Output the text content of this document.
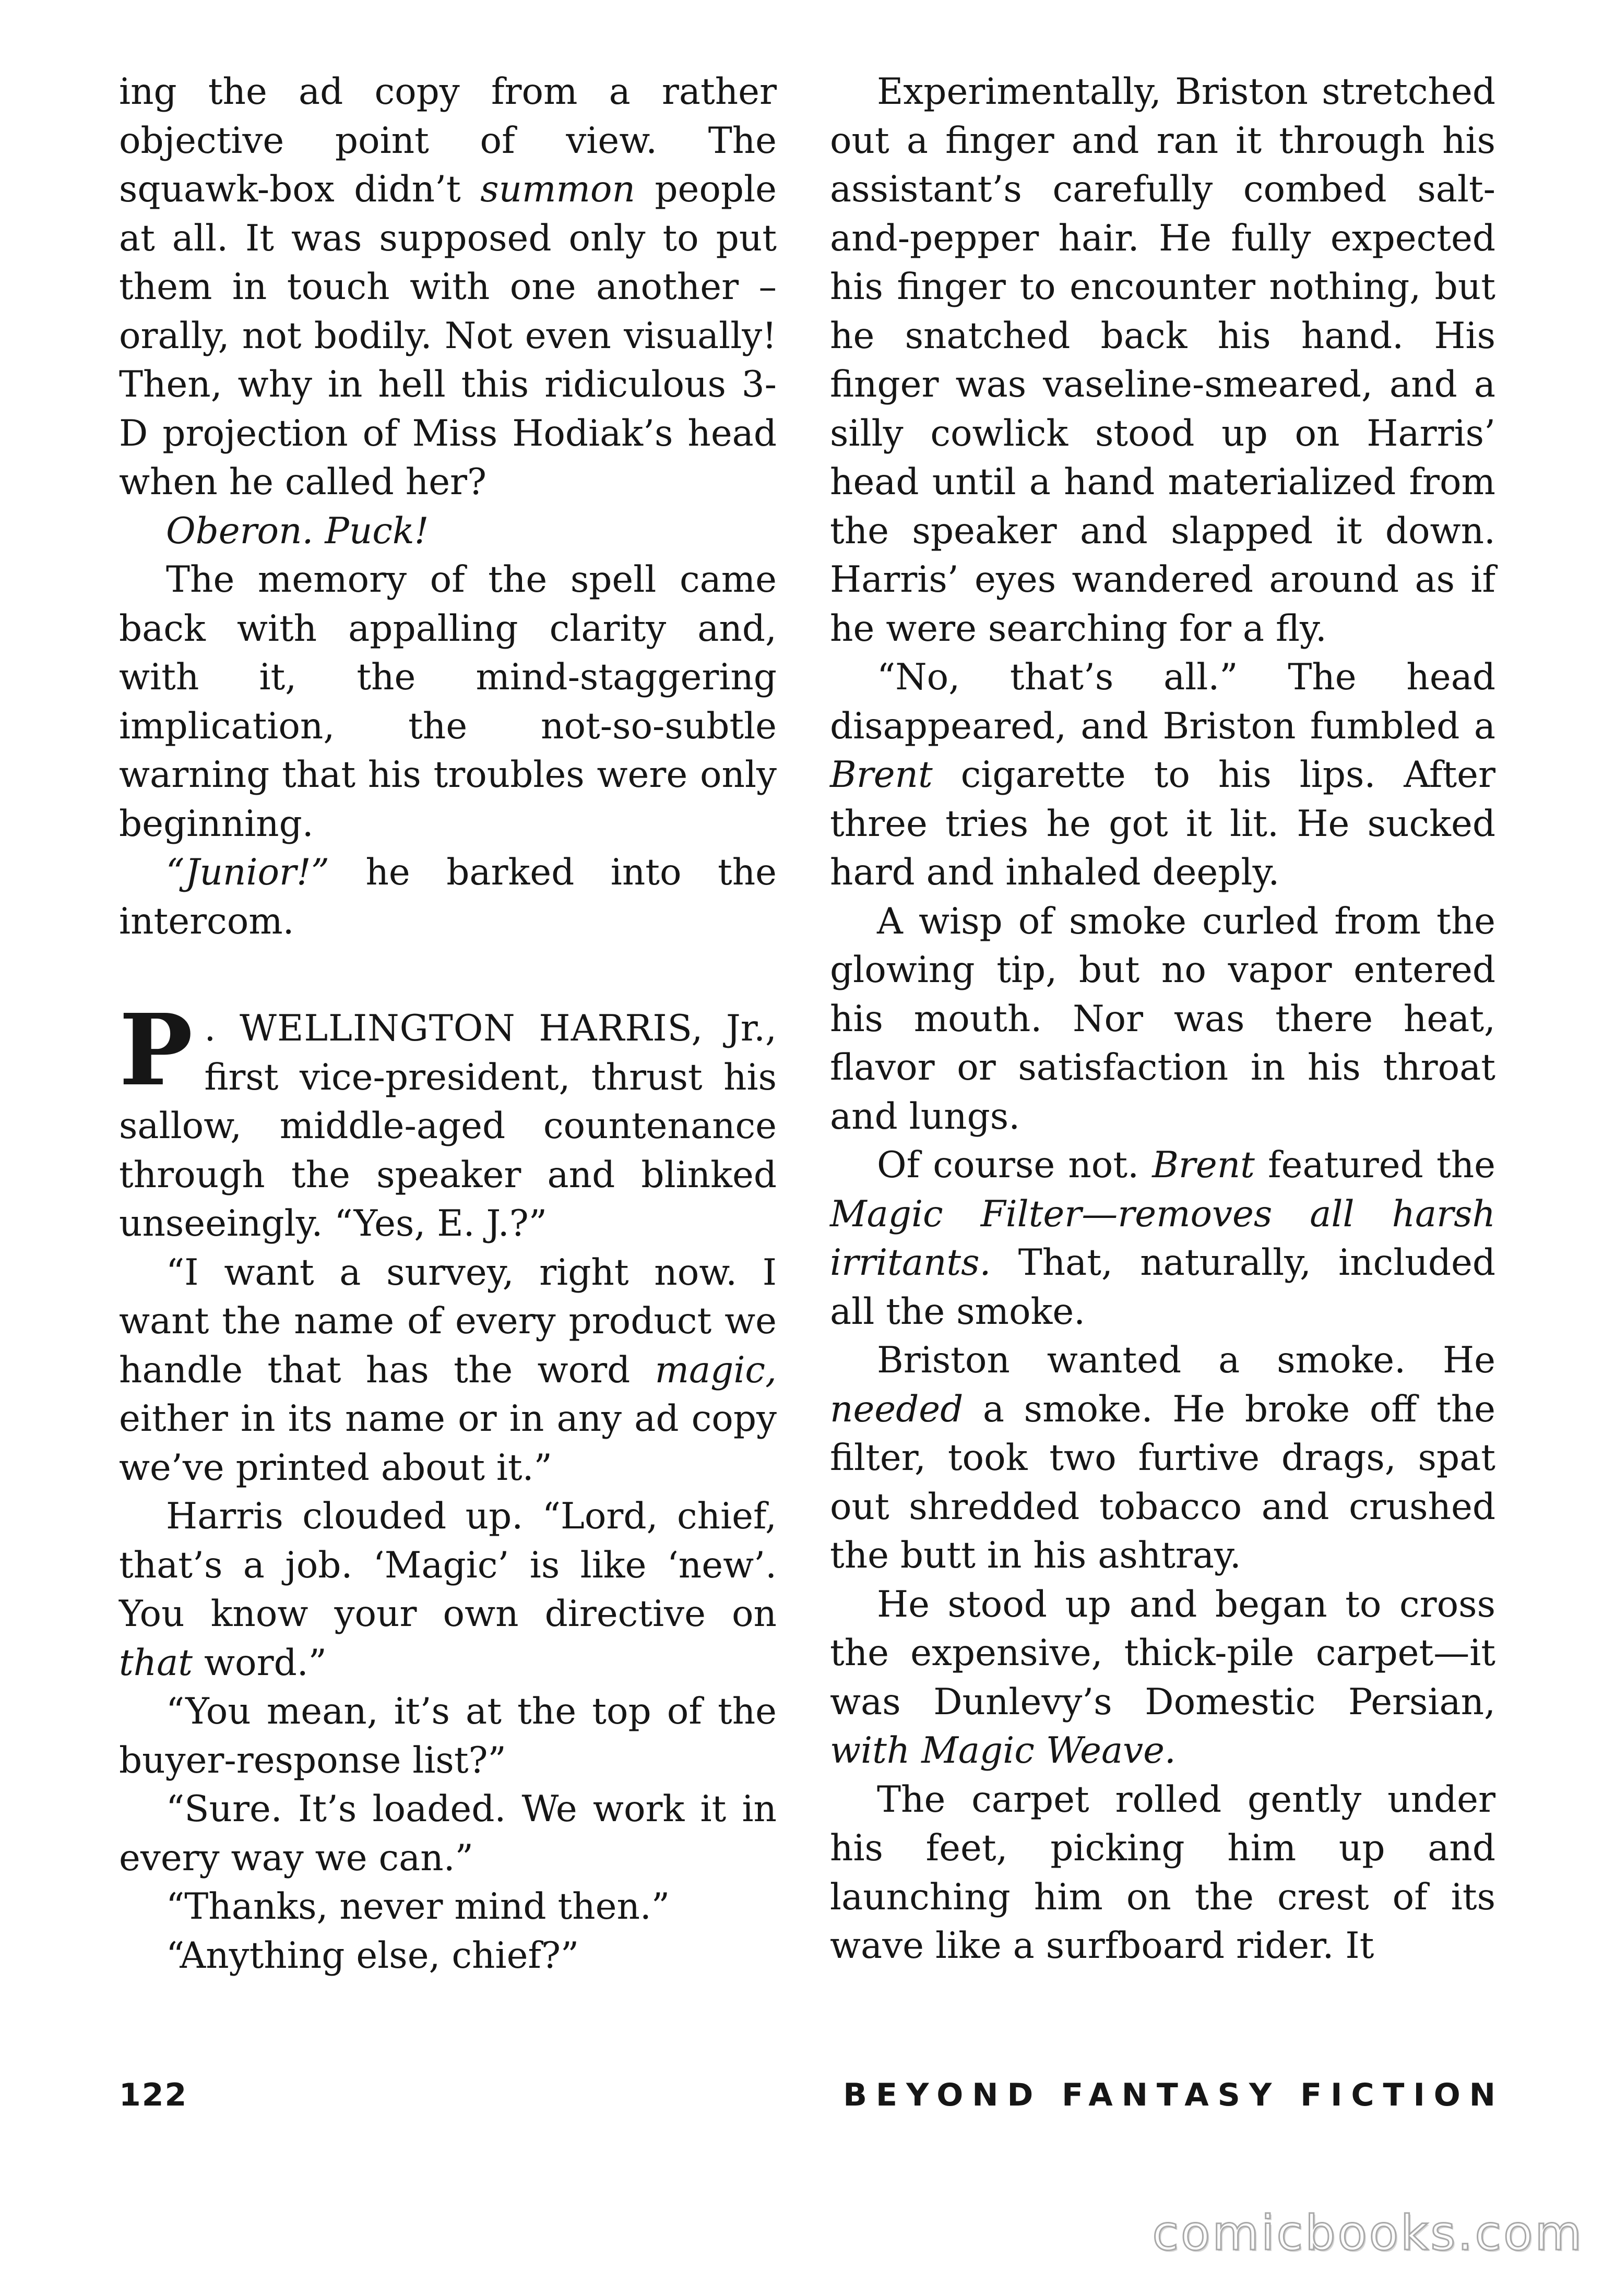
ing the ad copy from a rather objective point of view. The squawk-box didn’t summon people at all. It was supposed only to put them in touch with one another – orally, not bodily. Not even visually! Then, why in hell this ridiculous 3-D projection of Miss Hodiak’s head when he called her?

Oberon. Puck!

The memory of the spell came back with appalling clarity and, with it, the mind-staggering implication, the not-so-subtle warning that his troubles were only beginning.

“Junior!” he barked into the intercom.

P . WELLINGTON HARRIS, Jr., first vice-president, thrust his sallow, middle-aged countenance through the speaker and blinked unseeingly. “Yes, E. J.?”

“I want a survey, right now. I want the name of every product we handle that has the word magic, either in its name or in any ad copy we’ve printed about it.”

Harris clouded up. “Lord, chief, that’s a job. ‘Magic’ is like ‘new’. You know your own directive on that word.”

“You mean, it’s at the top of the buyer-response list?”

“Sure. It’s loaded. We work it in every way we can.”

“Thanks, never mind then.”

“Anything else, chief?”

Experimentally, Briston stretched out a finger and ran it through his assistant’s carefully combed salt-and-pepper hair. He fully expected his finger to encounter nothing, but he snatched back his hand. His finger was vaseline-smeared, and a silly cowlick stood up on Harris’ head until a hand materialized from the speaker and slapped it down. Harris’ eyes wandered around as if he were searching for a fly.

“No, that’s all.” The head disappeared, and Briston fumbled a Brent cigarette to his lips. After three tries he got it lit. He sucked hard and inhaled deeply.

A wisp of smoke curled from the glowing tip, but no vapor entered his mouth. Nor was there heat, flavor or satisfaction in his throat and lungs.

Of course not. Brent featured the Magic Filter—removes all harsh irritants. That, naturally, included all the smoke.

Briston wanted a smoke. He needed a smoke. He broke off the filter, took two furtive drags, spat out shredded tobacco and crushed the butt in his ashtray.

He stood up and began to cross the expensive, thick-pile carpet—it was Dunlevy’s Domestic Persian, with Magic Weave.

The carpet rolled gently under his feet, picking him up and launching him on the crest of its wave like a surfboard rider. It

122	BEYOND FANTASY FICTION
comicbooks.com
